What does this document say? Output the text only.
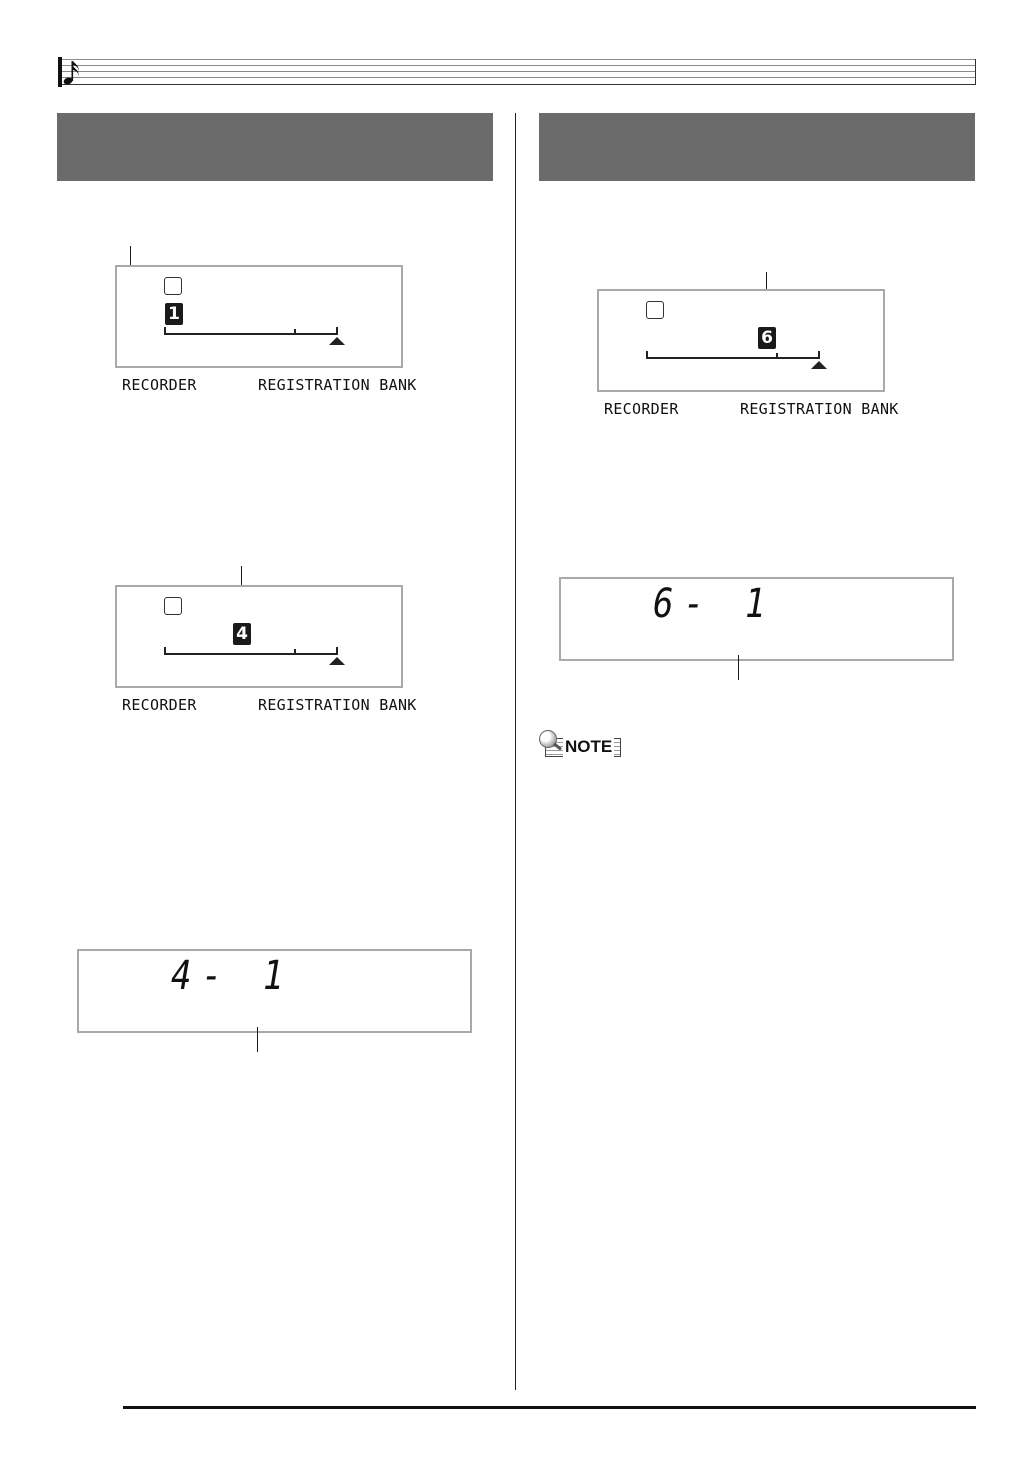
1
RECORDER	REGISTRATION BANK
4
RECORDER	REGISTRATION BANK
4- 1
6
RECORDER	REGISTRATION BANK
6- 1
NOTE
